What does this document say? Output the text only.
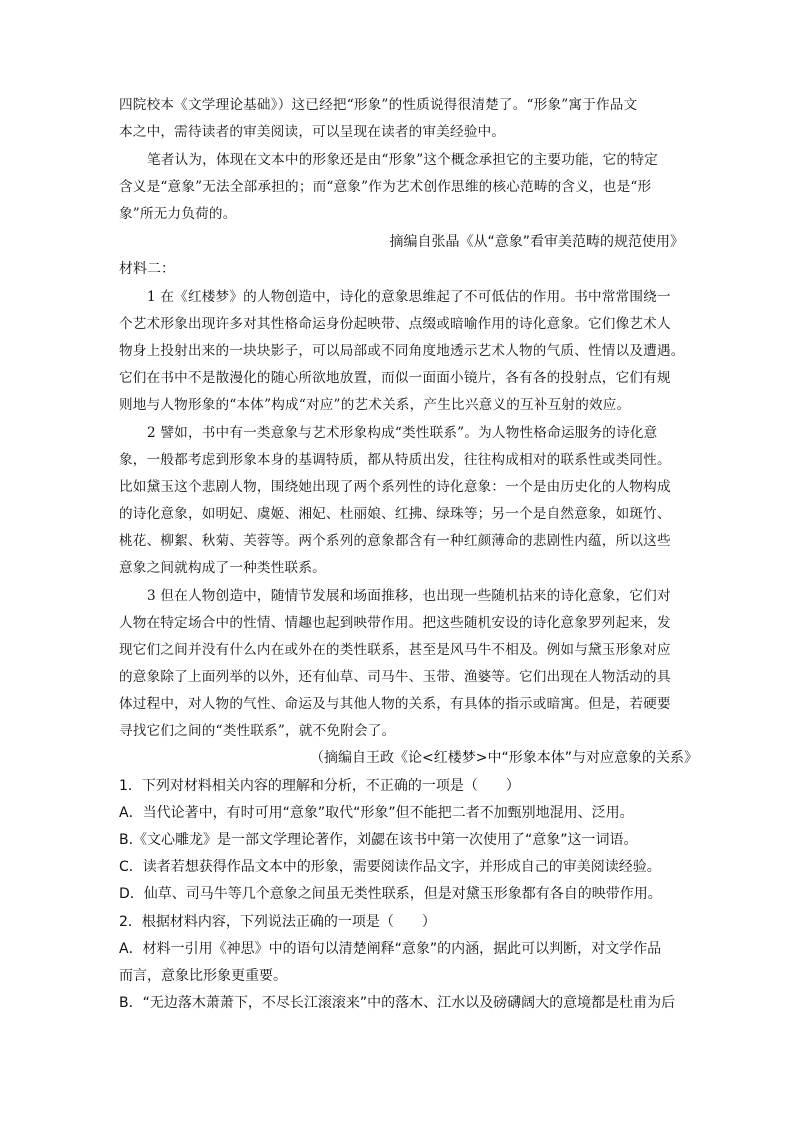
四院校本《文学理论基础》）这已经把“形象”的性质说得很清楚了。“形象”寓于作品文
本之中，需待读者的审美阅读，可以呈现在读者的审美经验中。
笔者认为，体现在文本中的形象还是由“形象”这个概念承担它的主要功能，它的特定
含义是“意象”无法全部承担的；而“意象”作为艺术创作思维的核心范畴的含义，也是“形
象”所无力负荷的。
摘编自张晶《从“意象”看审美范畴的规范使用》
材料二：
1 在《红楼梦》的人物创造中，诗化的意象思维起了不可低估的作用。书中常常围绕一
个艺术形象出现许多对其性格命运身份起映带、点缀或暗喻作用的诗化意象。它们像艺术人
物身上投射出来的一块块影子，可以局部或不同角度地透示艺术人物的气质、性情以及遭遇。
它们在书中不是散漫化的随心所欲地放置，而似一面面小镜片，各有各的投射点，它们有规
则地与人物形象的“本体”构成“对应”的艺术关系，产生比兴意义的互补互射的效应。
2 譬如，书中有一类意象与艺术形象构成“类性联系”。为人物性格命运服务的诗化意
象，一般都考虑到形象本身的基调特质，都从特质出发，往往构成相对的联系性或类同性。
比如黛玉这个悲剧人物，围绕她出现了两个系列性的诗化意象：一个是由历史化的人物构成
的诗化意象，如明妃、虞姬、湘妃、杜丽娘、红拂、绿珠等；另一个是自然意象，如斑竹、
桃花、柳絮、秋菊、芙蓉等。两个系列的意象都含有一种红颜薄命的悲剧性内蕴，所以这些
意象之间就构成了一种类性联系。
3 但在人物创造中，随情节发展和场面推移，也出现一些随机拈来的诗化意象，它们对
人物在特定场合中的性情、情趣也起到映带作用。把这些随机安设的诗化意象罗列起来，发
现它们之间并没有什么内在或外在的类性联系，甚至是风马牛不相及。例如与黛玉形象对应
的意象除了上面列举的以外，还有仙草、司马牛、玉带、渔婆等。它们出现在人物活动的具
体过程中，对人物的气性、命运及与其他人物的关系，有具体的指示或暗寓。但是，若硬要
寻找它们之间的“类性联系”，就不免附会了。
（摘编自王政《论<红楼梦>中“形象本体”与对应意象的关系》
1．下列对材料相关内容的理解和分析，不正确的一项是（　　）
A．当代论著中，有时可用“意象”取代“形象”但不能把二者不加甄别地混用、泛用。
B.《文心雕龙》是一部文学理论著作，刘勰在该书中第一次使用了“意象”这一词语。
C．读者若想获得作品文本中的形象，需要阅读作品文字，并形成自己的审美阅读经验。
D．仙草、司马牛等几个意象之间虽无类性联系，但是对黛玉形象都有各自的映带作用。
2．根据材料内容，下列说法正确的一项是（　　）
A．材料一引用《神思》中的语句以清楚阐释“意象”的内涵，据此可以判断，对文学作品
而言，意象比形象更重要。
B．“无边落木萧萧下，不尽长江滚滚来”中的落木、江水以及磅礴阔大的意境都是杜甫为后
